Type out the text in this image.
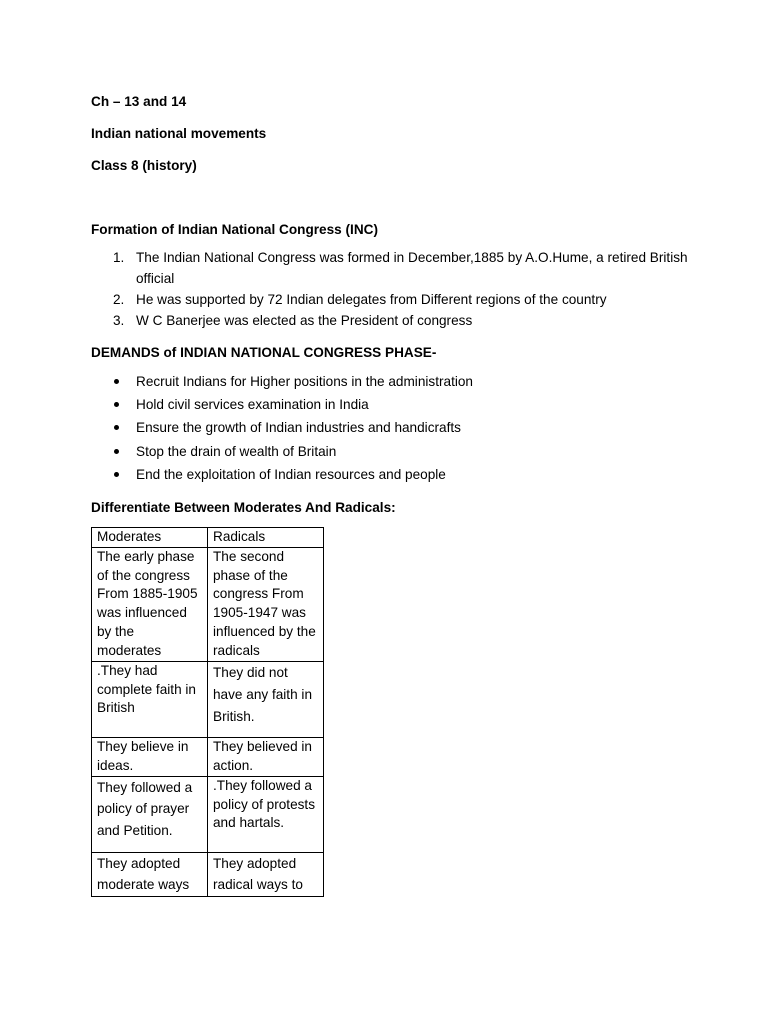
Ch – 13 and 14

Indian national movements

Class 8 (history)

Formation of Indian National Congress (INC)

1. The Indian National Congress was formed in December,1885 by A.O.Hume, a retired British official
2. He was supported by 72 Indian delegates from Different regions of the country
3. W C Banerjee was elected as the President of congress

DEMANDS of INDIAN NATIONAL CONGRESS PHASE-

Recruit Indians for Higher positions in the administration
Hold civil services examination in India
Ensure the growth of Indian industries and handicrafts
Stop the drain of wealth of Britain
End the exploitation of Indian resources and people

Differentiate Between Moderates And Radicals:

Moderates	Radicals
The early phase of the congress From 1885-1905 was influenced by the moderates	The second phase of the congress From 1905-1947 was influenced by the radicals
.They had complete faith in British	They did not have any faith in British.

They believe in ideas.	They believed in action.

They followed a policy of prayer and Petition.	.They followed a policy of protests and hartals.

They adopted moderate ways	They adopted radical ways to
